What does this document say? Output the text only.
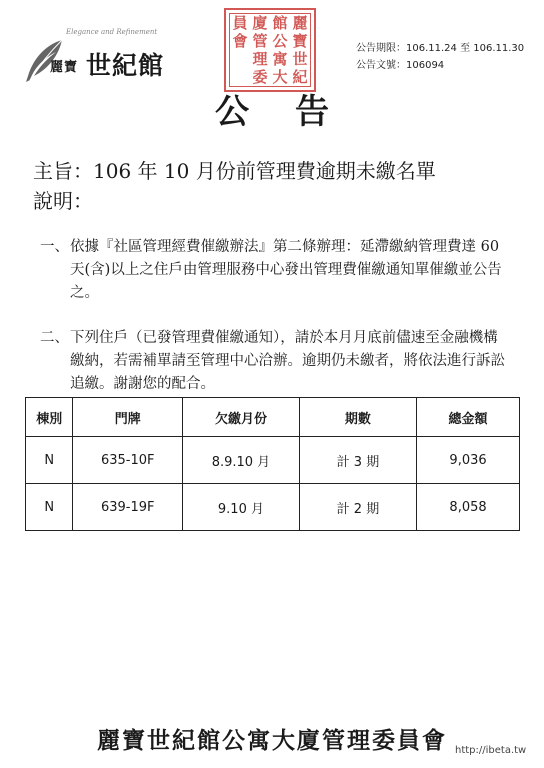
Elegance and Refinement
麗寶 世紀館
員 廈 館 麗
會 管 公 寶
理 寓 世
委 大 紀
公告期限：106.11.24 至 106.11.30
公告文號：106094
公告
主旨：106 年 10 月份前管理費逾期未繳名單
說明：
一、 依據『社區管理經費催繳辦法』第二條辦理：延滯繳納管理費達 60 天(含)以上之住戶由管理服務中心發出管理費催繳通知單催繳並公告之。
二、 下列住戶（已發管理費催繳通知），請於本月月底前儘速至金融機構繳納，若需補單請至管理中心洽辦。逾期仍未繳者，將依法進行訴訟追繳。謝謝您的配合。
棟別	門牌	欠繳月份	期數	總金額
N	635-10F	8.9.10 月	計 3 期	9,036
N	639-19F	9.10 月	計 2 期	8,058
麗寶世紀館公寓大廈管理委員會 http://ibeta.tw
